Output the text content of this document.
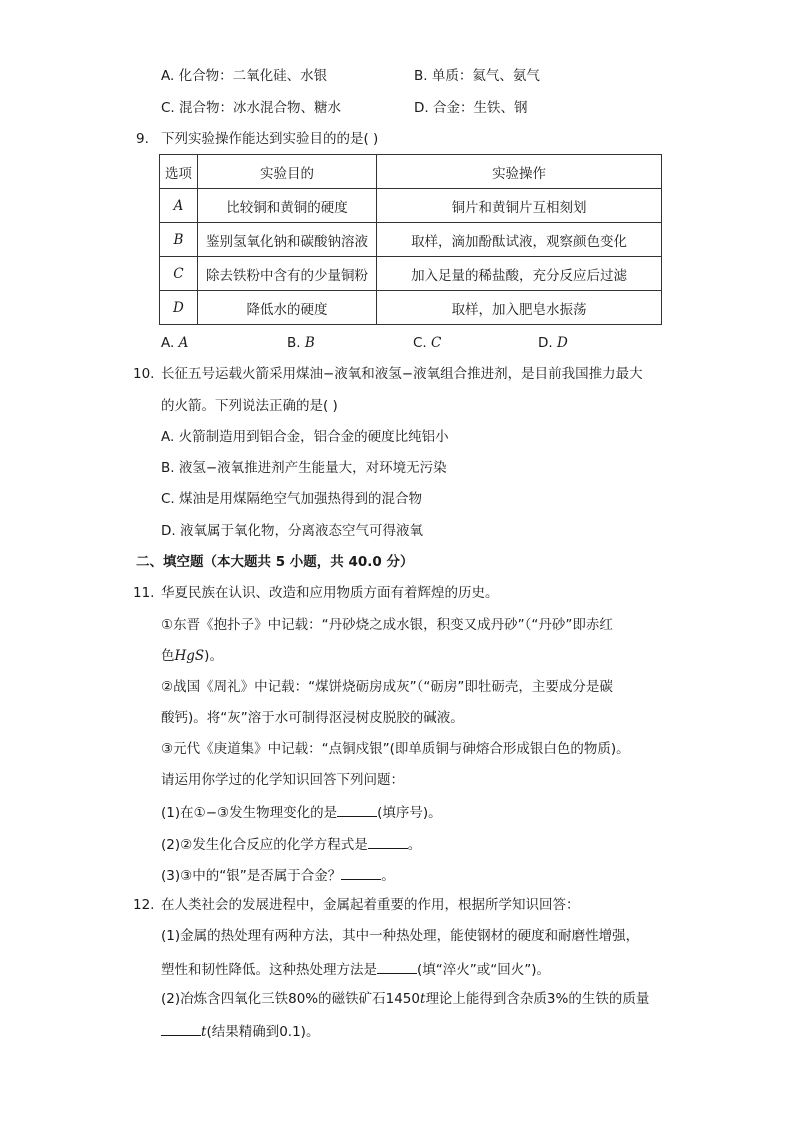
A. 化合物：二氧化硅、水银	B. 单质：氦气、氨气
C. 混合物：冰水混合物、糖水	D. 合金：生铁、钢
9. 下列实验操作能达到实验目的的是( )
选项	实验目的	实验操作
A	比较铜和黄铜的硬度	铜片和黄铜片互相刻划
B	鉴别氢氧化钠和碳酸钠溶液	取样，滴加酚酞试液，观察颜色变化
C	除去铁粉中含有的少量铜粉	加入足量的稀盐酸，充分反应后过滤
D	降低水的硬度	取样，加入肥皂水振荡
A. A	B. B	C. C	D. D
10. 长征五号运载火箭采用煤油−液氧和液氢−液氧组合推进剂，是目前我国推力最大
的火箭。下列说法正确的是( )
A. 火箭制造用到铝合金，铝合金的硬度比纯铝小
B. 液氢−液氧推进剂产生能量大，对环境无污染
C. 煤油是用煤隔绝空气加强热得到的混合物
D. 液氧属于氧化物，分离液态空气可得液氧
二、填空题（本大题共 5 小题，共 40.0 分）
11. 华夏民族在认识、改造和应用物质方面有着辉煌的历史。
①东晋《抱扑子》中记载：“丹砂烧之成水银，积变又成丹砂”（“丹砂”即赤红
色HgS)。
②战国《周礼》中记载：“煤饼烧砺房成灰”（“砺房”即牡砺壳，主要成分是碳
酸钙)。将“灰”溶于水可制得沤浸树皮脱胶的碱液。
③元代《庚道集》中记载：“点铜戍银”(即单质铜与砷熔合形成银白色的物质)。
请运用你学过的化学知识回答下列问题：
(1)在①−③发生物理变化的是	(填序号)。
(2)②发生化合反应的化学方程式是	。
(3)③中的“银”是否属于合金？	。
12. 在人类社会的发展进程中，金属起着重要的作用，根据所学知识回答：
(1)金属的热处理有两种方法，其中一种热处理，能使钢材的硬度和耐磨性增强，
塑性和韧性降低。这种热处理方法是	(填“淬火”或“回火”)。
(2)冶炼含四氧化三铁80%的磁铁矿石1450t理论上能得到含杂质3%的生铁的质量
t(结果精确到0.1)。
